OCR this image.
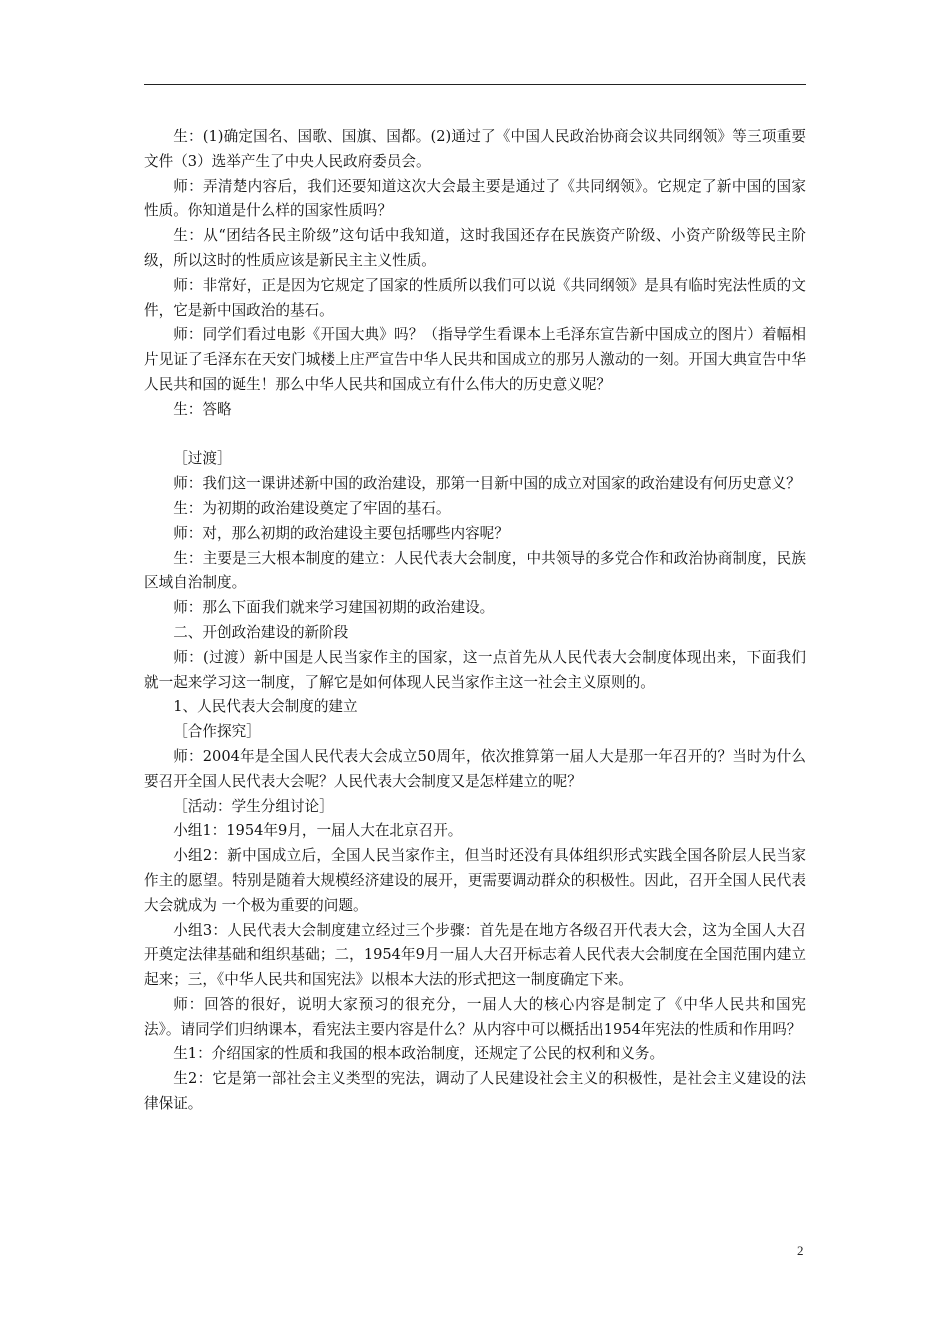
生：(1)确定国名、国歌、国旗、国都。(2)通过了《中国人民政治协商会议共同纲领》等三项重要文件（3）选举产生了中央人民政府委员会。

师：弄清楚内容后，我们还要知道这次大会最主要是通过了《共同纲领》。它规定了新中国的国家性质。你知道是什么样的国家性质吗？

生：从“团结各民主阶级”这句话中我知道，这时我国还存在民族资产阶级、小资产阶级等民主阶级，所以这时的性质应该是新民主主义性质。

师：非常好，正是因为它规定了国家的性质所以我们可以说《共同纲领》是具有临时宪法性质的文件，它是新中国政治的基石。

师：同学们看过电影《开国大典》吗？（指导学生看课本上毛泽东宣告新中国成立的图片）着幅相片见证了毛泽东在天安门城楼上庄严宣告中华人民共和国成立的那另人激动的一刻。开国大典宣告中华人民共和国的诞生！那么中华人民共和国成立有什么伟大的历史意义呢？

生：答略

［过渡］

师：我们这一课讲述新中国的政治建设，那第一目新中国的成立对国家的政治建设有何历史意义？

生：为初期的政治建设奠定了牢固的基石。

师：对，那么初期的政治建设主要包括哪些内容呢？

生：主要是三大根本制度的建立：人民代表大会制度，中共领导的多党合作和政治协商制度，民族区域自治制度。

师：那么下面我们就来学习建国初期的政治建设。

二、开创政治建设的新阶段

师：(过渡）新中国是人民当家作主的国家，这一点首先从人民代表大会制度体现出来，下面我们就一起来学习这一制度，了解它是如何体现人民当家作主这一社会主义原则的。

1、人民代表大会制度的建立

［合作探究］

师：2004年是全国人民代表大会成立50周年，依次推算第一届人大是那一年召开的？当时为什么要召开全国人民代表大会呢？人民代表大会制度又是怎样建立的呢？

［活动：学生分组讨论］

小组1：1954年9月，一届人大在北京召开。

小组2：新中国成立后，全国人民当家作主，但当时还没有具体组织形式实践全国各阶层人民当家作主的愿望。特别是随着大规模经济建设的展开，更需要调动群众的积极性。因此，召开全国人民代表大会就成为 一个极为重要的问题。

小组3：人民代表大会制度建立经过三个步骤：首先是在地方各级召开代表大会，这为全国人大召开奠定法律基础和组织基础；二，1954年9月一届人大召开标志着人民代表大会制度在全国范围内建立起来；三，《中华人民共和国宪法》以根本大法的形式把这一制度确定下来。

师：回答的很好，说明大家预习的很充分，一届人大的核心内容是制定了《中华人民共和国宪法》。请同学们归纳课本，看宪法主要内容是什么？从内容中可以概括出1954年宪法的性质和作用吗？

生1：介绍国家的性质和我国的根本政治制度，还规定了公民的权利和义务。

生2：它是第一部社会主义类型的宪法，调动了人民建设社会主义的积极性，是社会主义建设的法律保证。

2
